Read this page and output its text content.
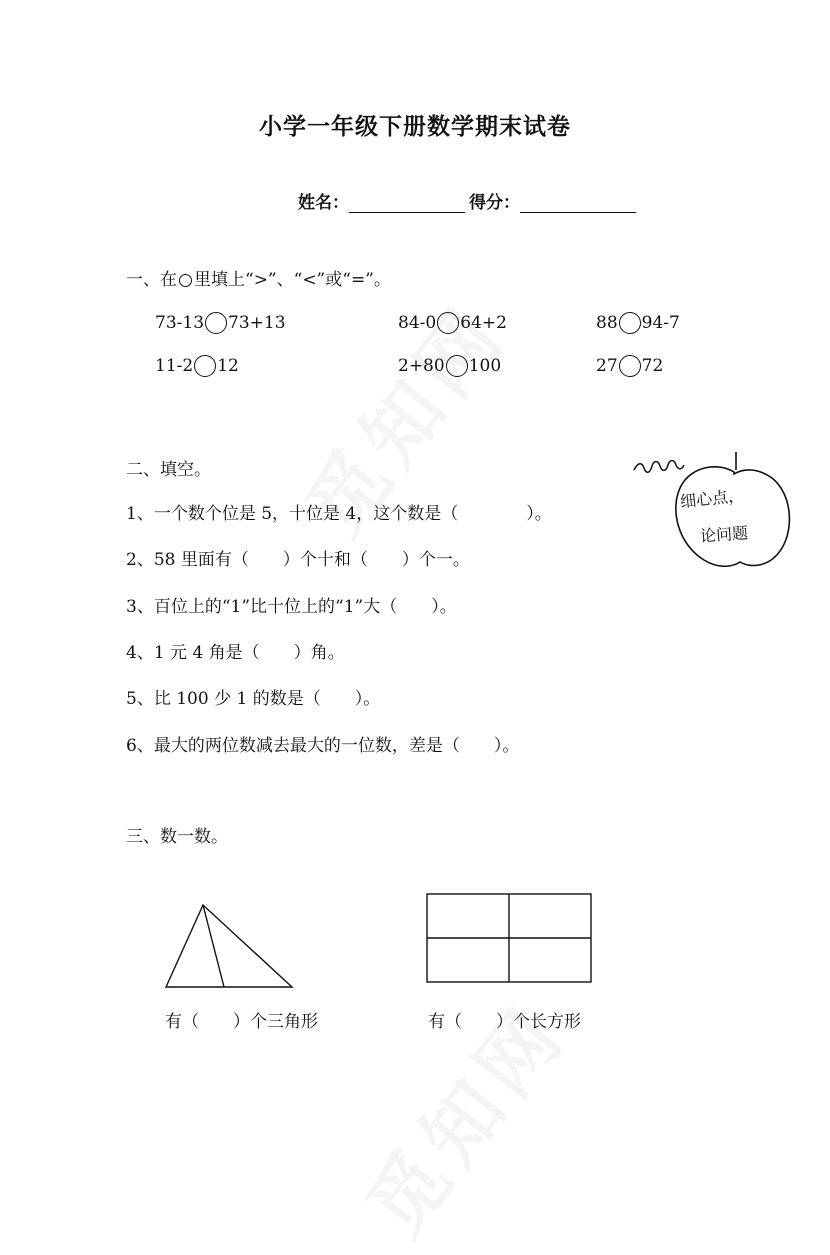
小学一年级下册数学期末试卷
姓名：	得分：
一、在 里填上“>”、“<”或“=”。
73-13 73+13	84-0 64+2	88 94-7
11-2 12	2+80 100	27 72
二、填空。
1、一个数个位是 5，十位是 4，这个数是（　　　　）。
2、58 里面有（　　）个十和（　　）个一。
3、百位上的“1”比十位上的“1”大（　　）。
4、1 元 4 角是（　　）角。
5、比 100 少 1 的数是（　　）。
6、最大的两位数减去最大的一位数，差是（　　）。
细心点，
论问题
三、数一数。
有（　　）个三角形	有（　　）个长方形
